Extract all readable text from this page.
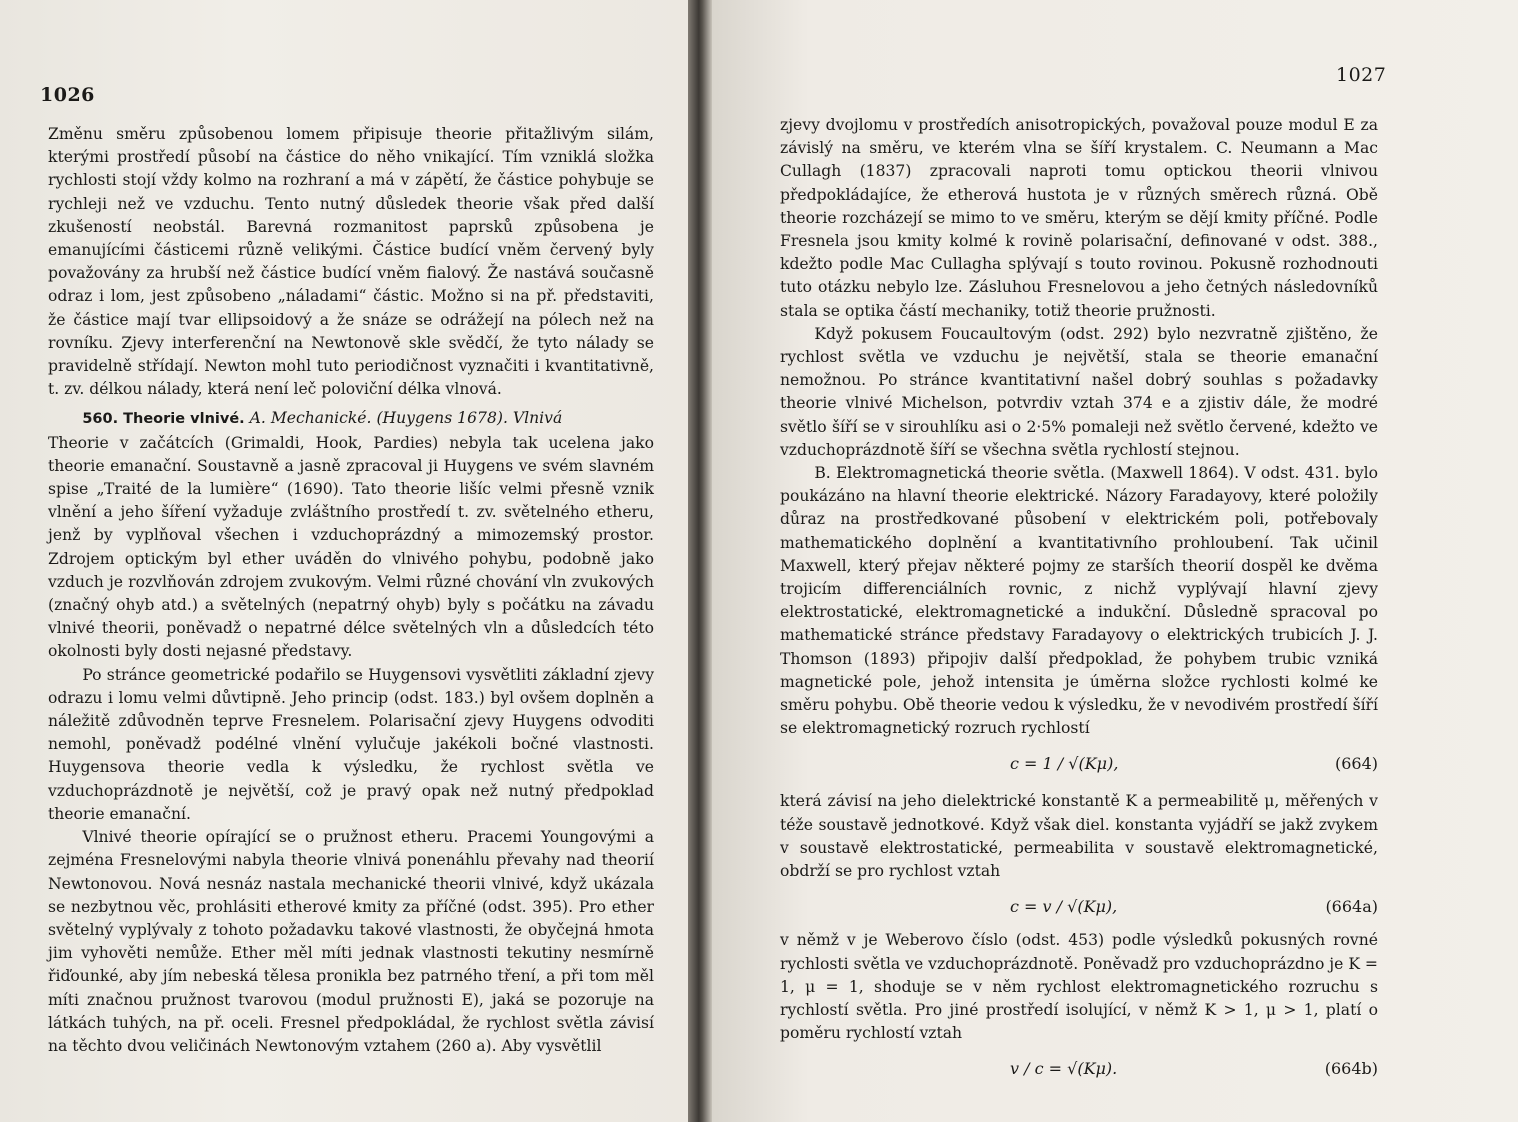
1026

Změnu směru způsobenou lomem připisuje theorie přitažlivým silám, kterými prostředí působí na částice do něho vnikající. Tím vzniklá složka rychlosti stojí vždy kolmo na rozhraní a má v zápětí, že částice pohybuje se rychleji než ve vzduchu. Tento nutný důsledek theorie však před další zkušeností neobstál. Barevná rozmanitost paprsků způsobena je emanujícími částicemi různě velikými. Částice budící vněm červený byly považovány za hrubší než částice budící vněm fialový. Že nastává současně odraz i lom, jest způsobeno „náladami“ částic. Možno si na př. představiti, že částice mají tvar ellipsoidový a že snáze se odrážejí na pólech než na rovníku. Zjevy interferenční na Newtonově skle svědčí, že tyto nálady se pravidelně střídají. Newton mohl tuto periodičnost vyznačiti i kvantitativně, t. zv. délkou nálady, která není leč poloviční délka vlnová.

560. Theorie vlnivé. A. Mechanické. (Huygens 1678). Vlnivá

Theorie v začátcích (Grimaldi, Hook, Pardies) nebyla tak ucelena jako theorie emanační. Soustavně a jasně zpracoval ji Huygens ve svém slavném spise „Traité de la lumière“ (1690). Tato theorie lišíc velmi přesně vznik vlnění a jeho šíření vyžaduje zvláštního prostředí t. zv. světelného etheru, jenž by vyplňoval všechen i vzduchoprázdný a mimozemský prostor. Zdrojem optickým byl ether uváděn do vlnivého pohybu, podobně jako vzduch je rozvlňován zdrojem zvukovým. Velmi různé chování vln zvukových (značný ohyb atd.) a světelných (nepatrný ohyb) byly s počátku na závadu vlnivé theorii, poněvadž o nepatrné délce světelných vln a důsledcích této okolnosti byly dosti nejasné představy.

Po stránce geometrické podařilo se Huygensovi vysvětliti základní zjevy odrazu i lomu velmi důvtipně. Jeho princip (odst. 183.) byl ovšem doplněn a náležitě zdůvodněn teprve Fresnelem. Polarisační zjevy Huygens odvoditi nemohl, poněvadž podélné vlnění vylučuje jakékoli bočné vlastnosti. Huygensova theorie vedla k výsledku, že rychlost světla ve vzduchoprázdnotě je největší, což je pravý opak než nutný předpoklad theorie emanační.

Vlnivé theorie opírající se o pružnost etheru. Pracemi Youngovými a zejména Fresnelovými nabyla theorie vlnivá ponenáhlu převahy nad theorií Newtonovou. Nová nesnáz nastala mechanické theorii vlnivé, když ukázala se nezbytnou věc, prohlásiti etherové kmity za příčné (odst. 395). Pro ether světelný vyplývaly z tohoto požadavku takové vlastnosti, že obyčejná hmota jim vyhověti nemůže. Ether měl míti jednak vlastnosti tekutiny nesmírně řiďounké, aby jím nebeská tělesa pronikla bez patrného tření, a při tom měl míti značnou pružnost tvarovou (modul pružnosti E), jaká se pozoruje na látkách tuhých, na př. oceli. Fresnel předpokládal, že rychlost světla závisí na těchto dvou veličinách Newtonovým vztahem (260 a). Aby vysvětlil

1027

zjevy dvojlomu v prostředích anisotropických, považoval pouze modul E za závislý na směru, ve kterém vlna se šíří krystalem. C. Neumann a Mac Cullagh (1837) zpracovali naproti tomu optickou theorii vlnivou předpokládajíce, že etherová hustota je v různých směrech různá. Obě theorie rozcházejí se mimo to ve směru, kterým se dějí kmity příčné. Podle Fresnela jsou kmity kolmé k rovině polarisační, definované v odst. 388., kdežto podle Mac Cullagha splývají s touto rovinou. Pokusně rozhodnouti tuto otázku nebylo lze. Zásluhou Fresnelovou a jeho četných následovníků stala se optika částí mechaniky, totiž theorie pružnosti.

Když pokusem Foucaultovým (odst. 292) bylo nezvratně zjištěno, že rychlost světla ve vzduchu je největší, stala se theorie emanační nemožnou. Po stránce kvantitativní našel dobrý souhlas s požadavky theorie vlnivé Michelson, potvrdiv vztah 374 e a zjistiv dále, že modré světlo šíří se v sirouhlíku asi o 2·5% pomaleji než světlo červené, kdežto ve vzduchoprázdnotě šíří se všechna světla rychlostí stejnou.

B. Elektromagnetická theorie světla. (Maxwell 1864). V odst. 431. bylo poukázáno na hlavní theorie elektrické. Názory Faradayovy, které položily důraz na prostředkované působení v elektrickém poli, potřebovaly mathematického doplnění a kvantitativního prohloubení. Tak učinil Maxwell, který přejav některé pojmy ze starších theorií dospěl ke dvěma trojicím differenciálních rovnic, z nichž vyplývají hlavní zjevy elektrostatické, elektromagnetické a indukční. Důsledně spracoval po mathematické stránce představy Faradayovy o elektrických trubicích J. J. Thomson (1893) připojiv další předpoklad, že pohybem trubic vzniká magnetické pole, jehož intensita je úměrna složce rychlosti kolmé ke směru pohybu. Obě theorie vedou k výsledku, že v nevodivém prostředí šíří se elektromagnetický rozruch rychlostí

c = 1 / √(Kμ),	(664)

která závisí na jeho dielektrické konstantě K a permeabilitě μ, měřených v téže soustavě jednotkové. Když však diel. konstanta vyjádří se jakž zvykem v soustavě elektrostatické, permeabilita v soustavě elektromagnetické, obdrží se pro rychlost vztah

c = v / √(Kμ),	(664a)

v němž v je Weberovo číslo (odst. 453) podle výsledků pokusných rovné rychlosti světla ve vzduchoprázdnotě. Poněvadž pro vzduchoprázdno je K = 1, μ = 1, shoduje se v něm rychlost elektromagnetického rozruchu s rychlostí světla. Pro jiné prostředí isolující, v němž K > 1, μ > 1, platí o poměru rychlostí vztah

v / c = √(Kμ).	(664b)
